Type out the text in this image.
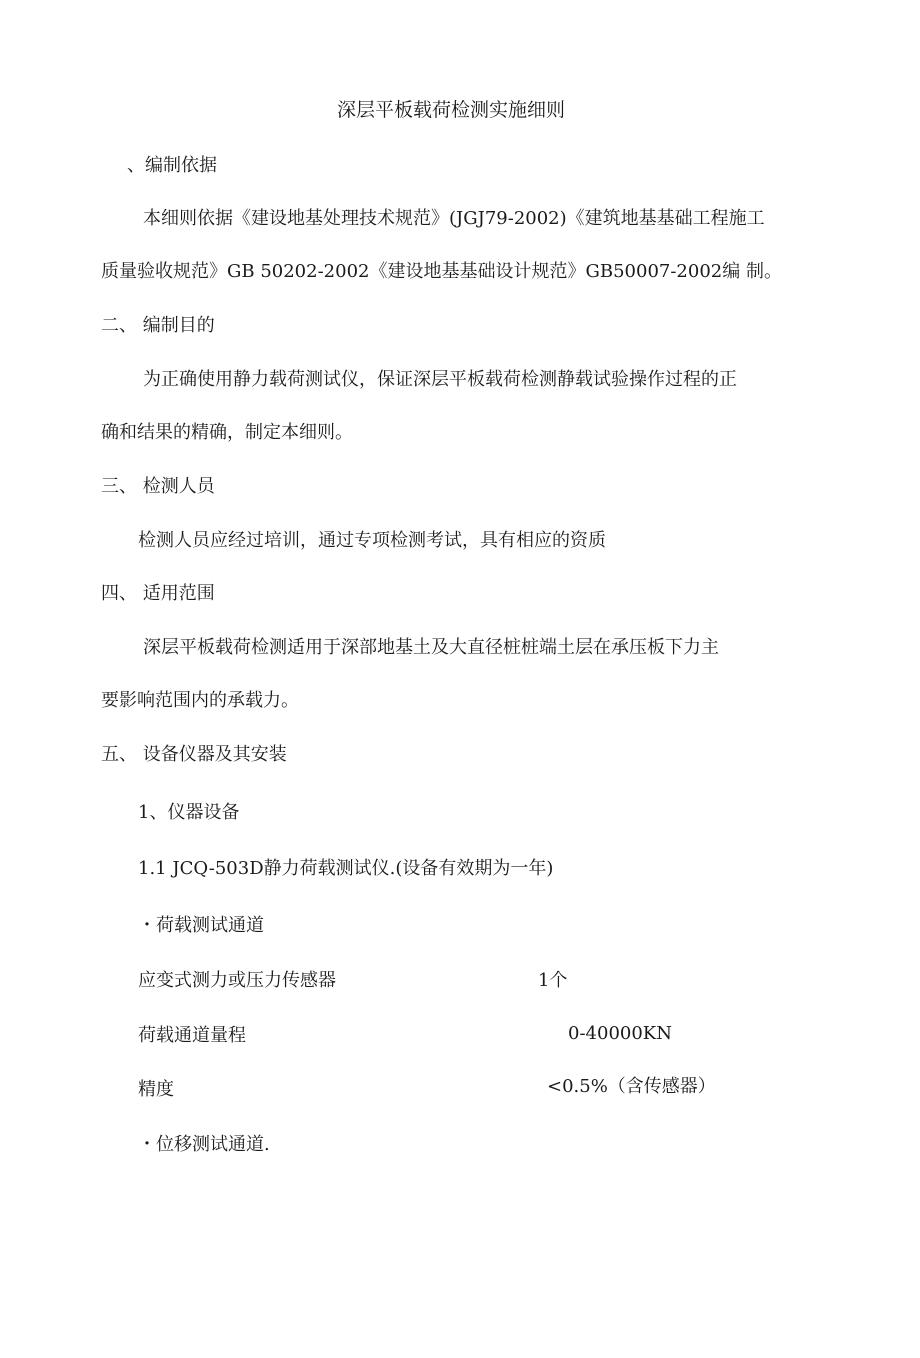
深层平板载荷检测实施细则
、编制依据
本细则依据《建设地基处理技术规范》(JGJ79-2002)《建筑地基基础工程施工
质量验收规范》GB 50202-2002《建设地基基础设计规范》GB50007-2002编 制。
二、 编制目的
为正确使用静力载荷测试仪，保证深层平板载荷检测静载试验操作过程的正
确和结果的精确，制定本细则。
三、 检测人员
检测人员应经过培训，通过专项检测考试，具有相应的资质
四、 适用范围
深层平板载荷检测适用于深部地基土及大直径桩桩端土层在承压板下力主
要影响范围内的承载力。
五、 设备仪器及其安装
1、仪器设备
1.1 JCQ-503D静力荷载测试仪.(设备有效期为一年)
・荷载测试通道
应变式测力或压力传感器	1个
荷载通道量程	0-40000KN
精度	<0.5%（含传感器）
・位移测试通道.
